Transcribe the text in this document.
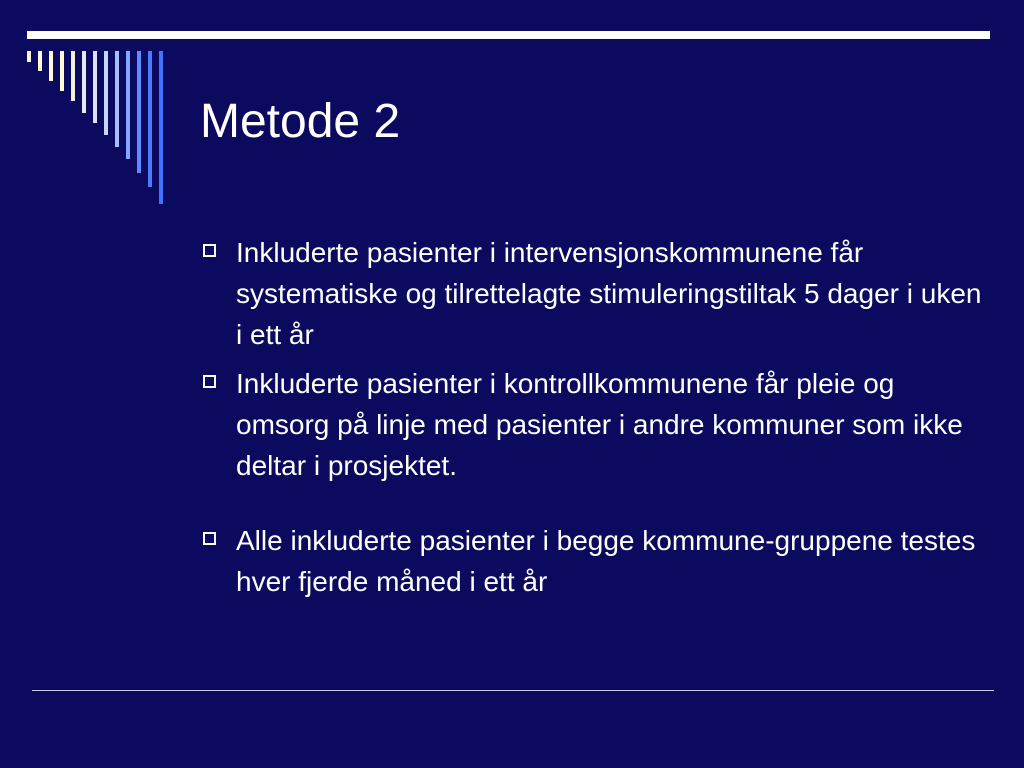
Metode 2
Inkluderte pasienter i intervensjonskommunene får systematiske og tilrettelagte stimuleringstiltak 5 dager i uken i ett år
Inkluderte pasienter i kontrollkommunene får pleie og omsorg på linje med pasienter i andre kommuner som ikke deltar i prosjektet.
Alle inkluderte pasienter i begge kommune-gruppene testes hver fjerde måned i ett år
